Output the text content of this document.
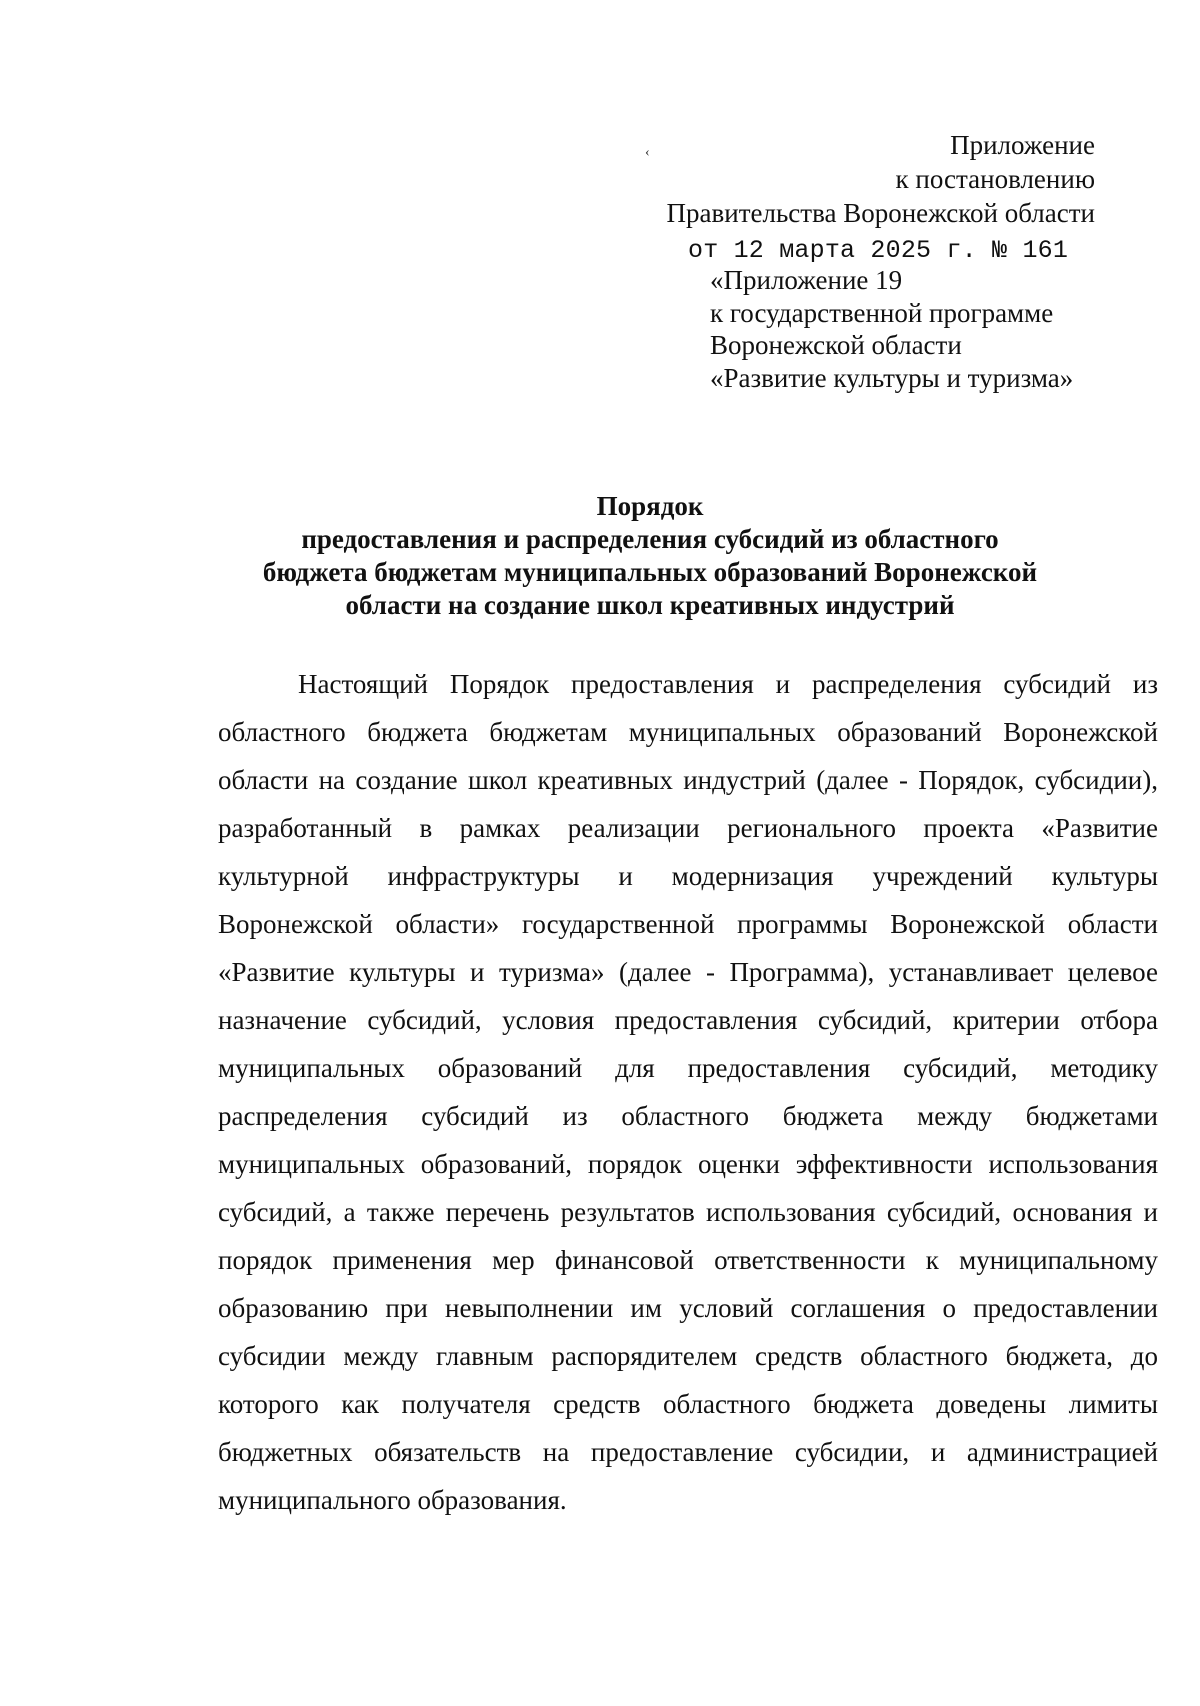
‹	Приложение
к постановлению
Правительства Воронежской области
от 12 марта 2025 г. № 161
«Приложение 19
к государственной программе
Воронежской области
«Развитие культуры и туризма»
Порядок
предоставления и распределения субсидий из областного
бюджета бюджетам муниципальных образований Воронежской
области на создание школ креативных индустрий

Настоящий Порядок предоставления и распределения субсидий из областного бюджета бюджетам муниципальных образований Воронежской области на создание школ креативных индустрий (далее - Порядок, субсидии), разработанный в рамках реализации регионального проекта «Развитие культурной инфраструктуры и модернизация учреждений культуры Воронежской области» государственной программы Воронежской области «Развитие культуры и туризма» (далее - Программа), устанавливает целевое назначение субсидий, условия предоставления субсидий, критерии отбора муниципальных образований для предоставления субсидий, методику распределения субсидий из областного бюджета между бюджетами муниципальных образований, порядок оценки эффективности использования субсидий, а также перечень результатов использования субсидий, основания и порядок применения мер финансовой ответственности к муниципальному образованию при невыполнении им условий соглашения о предоставлении субсидии между главным распорядителем средств областного бюджета, до которого как получателя средств областного бюджета доведены лимиты бюджетных обязательств на предоставление субсидии, и администрацией муниципального образования.
